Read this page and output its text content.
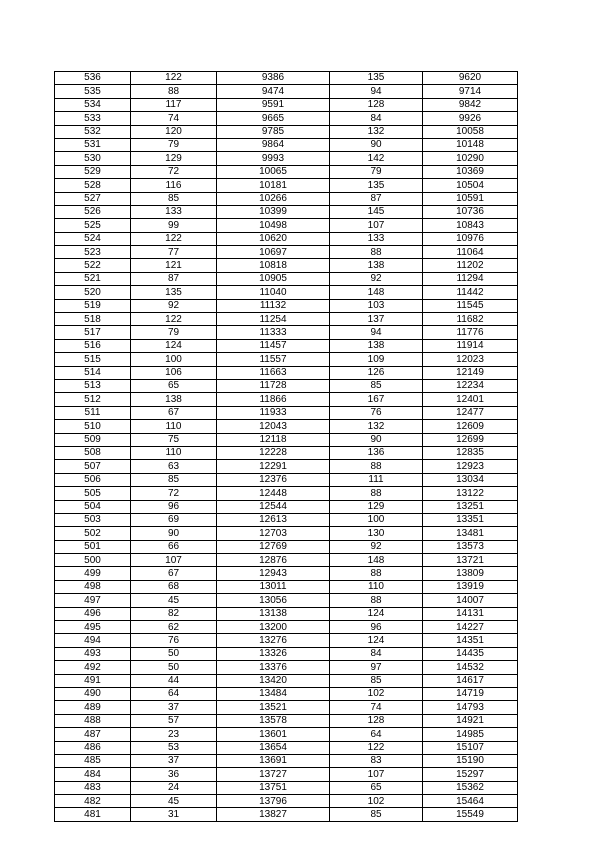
536	122	9386	135	9620
535	88	9474	94	9714
534	117	9591	128	9842
533	74	9665	84	9926
532	120	9785	132	10058
531	79	9864	90	10148
530	129	9993	142	10290
529	72	10065	79	10369
528	116	10181	135	10504
527	85	10266	87	10591
526	133	10399	145	10736
525	99	10498	107	10843
524	122	10620	133	10976
523	77	10697	88	11064
522	121	10818	138	11202
521	87	10905	92	11294
520	135	11040	148	11442
519	92	11132	103	11545
518	122	11254	137	11682
517	79	11333	94	11776
516	124	11457	138	11914
515	100	11557	109	12023
514	106	11663	126	12149
513	65	11728	85	12234
512	138	11866	167	12401
511	67	11933	76	12477
510	110	12043	132	12609
509	75	12118	90	12699
508	110	12228	136	12835
507	63	12291	88	12923
506	85	12376	111	13034
505	72	12448	88	13122
504	96	12544	129	13251
503	69	12613	100	13351
502	90	12703	130	13481
501	66	12769	92	13573
500	107	12876	148	13721
499	67	12943	88	13809
498	68	13011	110	13919
497	45	13056	88	14007
496	82	13138	124	14131
495	62	13200	96	14227
494	76	13276	124	14351
493	50	13326	84	14435
492	50	13376	97	14532
491	44	13420	85	14617
490	64	13484	102	14719
489	37	13521	74	14793
488	57	13578	128	14921
487	23	13601	64	14985
486	53	13654	122	15107
485	37	13691	83	15190
484	36	13727	107	15297
483	24	13751	65	15362
482	45	13796	102	15464
481	31	13827	85	15549
